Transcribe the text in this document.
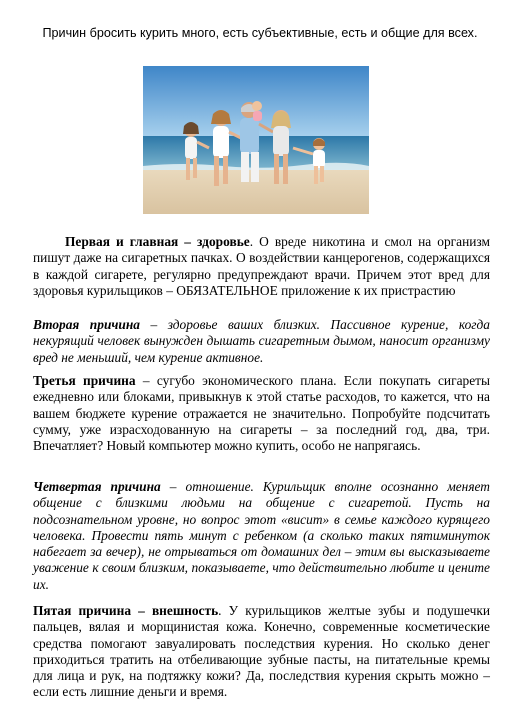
Причин бросить курить много, есть субъективные, есть и общие для всех.

Первая и главная – здоровье. О вреде никотина и смол на организм пишут даже на сигаретных пачках. О воздействии канцерогенов, содержащихся в каждой сигарете, регулярно предупреждают врачи. Причем этот вред для здоровья курильщиков – ОБЯЗАТЕЛЬНОЕ приложение к их пристрастию

Вторая причина – здоровье ваших близких. Пассивное курение, когда некурящий человек вынужден дышать сигаретным дымом, наносит организму вред не меньший, чем курение активное.

Третья причина – сугубо экономического плана. Если покупать сигареты ежедневно или блоками, привыкнув к этой статье расходов, то кажется, что на вашем бюджете курение отражается не значительно. Попробуйте подсчитать сумму, уже израсходованную на сигареты – за последний год, два, три. Впечатляет? Новый компьютер можно купить, особо не напрягаясь.

Четвертая причина – отношение. Курильщик вполне осознанно меняет общение с близкими людьми на общение с сигаретой. Пусть на подсознательном уровне, но вопрос этот «висит» в семье каждого курящего человека. Провести пять минут с ребенком (а сколько таких пятиминуток набегает за вечер), не отрываться от домашних дел – этим вы высказываете уважение к своим близким, показываете, что действительно любите и цените их.

Пятая причина – внешность. У курильщиков желтые зубы и подушечки пальцев, вялая и морщинистая кожа. Конечно, современные косметические средства помогают завуалировать последствия курения. Но сколько денег приходиться тратить на отбеливающие зубные пасты, на питательные кремы для лица и рук, на подтяжку кожи? Да, последствия курения скрыть можно – если есть лишние деньги и время.
